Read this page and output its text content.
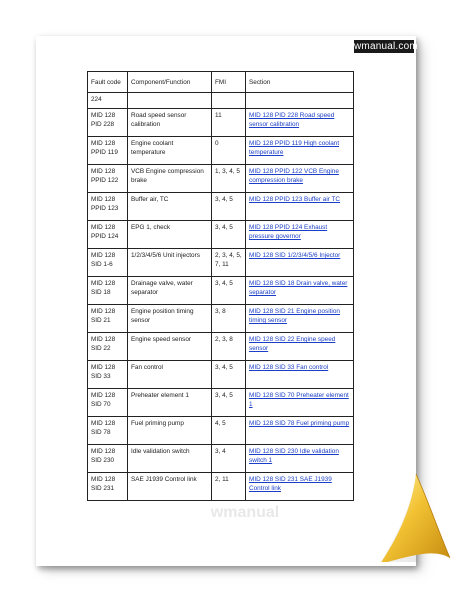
wmanual.com
Fault code	Component/Function	FMI	Section
224			
MID 128 PID 228	Road speed sensor calibration	11	MID 128 PID 228 Road speed sensor calibration
MID 128 PPID 119	Engine coolant temperature	0	MID 128 PPID 119 High coolant temperature
MID 128 PPID 122	VCB Engine compression brake	1, 3, 4, 5	MID 128 PPID 122 VCB Engine compression brake
MID 128 PPID 123	Buffer air, TC	3, 4, 5	MID 128 PPID 123 Buffer air TC
MID 128 PPID 124	EPG 1, check	3, 4, 5	MID 128 PPID 124 Exhaust pressure governor
MID 128 SID 1-6	1/2/3/4/5/6 Unit injectors	2, 3, 4, 5, 7, 11	MID 128 SID 1/2/3/4/5/6 Injector
MID 128 SID 18	Drainage valve, water separator	3, 4, 5	MID 128 SID 18 Drain valve, water separator
MID 128 SID 21	Engine position timing sensor	3, 8	MID 128 SID 21 Engine position timing sensor
MID 128 SID 22	Engine speed sensor	2, 3, 8	MID 128 SID 22 Engine speed sensor
MID 128 SID 33	Fan control	3, 4, 5	MID 128 SID 33 Fan control
MID 128 SID 70	Preheater element 1	3, 4, 5	MID 128 SID 70 Preheater element 1
MID 128 SID 78	Fuel priming pump	4, 5	MID 128 SID 78 Fuel priming pump
MID 128 SID 230	Idle validation switch	3, 4	MID 128 SID 230 Idle validation switch 1
MID 128 SID 231	SAE J1939 Control link	2, 11	MID 128 SID 231 SAE J1939 Control link
wmanual
